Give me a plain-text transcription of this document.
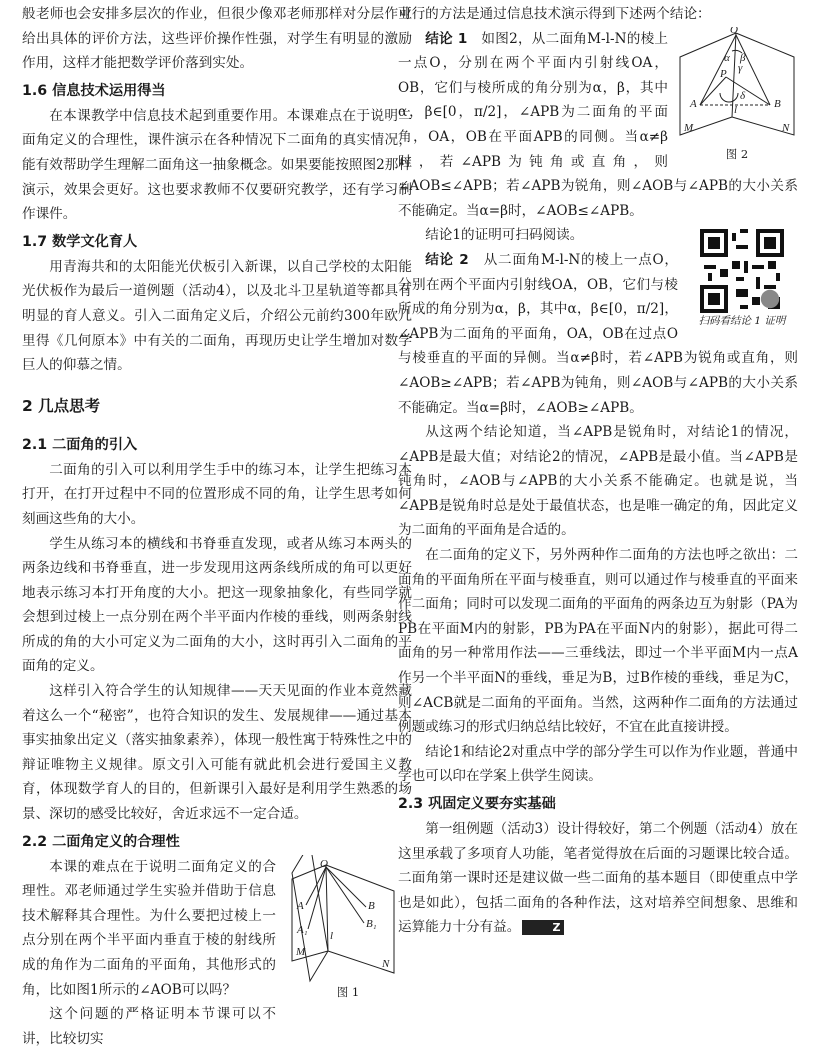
般老师也会安排多层次的作业，但很少像邓老师那样对分层作业给出具体的评价方法，这些评价操作性强，对学生有明显的激励作用，这样才能把数学评价落到实处。

1.6 信息技术运用得当

在本课教学中信息技术起到重要作用。本课难点在于说明二面角定义的合理性，课件演示在各种情况下二面角的真实情况，能有效帮助学生理解二面角这一抽象概念。如果要能按照图2那样演示，效果会更好。这也要求教师不仅要研究教学，还有学习制作课件。

1.7 数学文化育人

用青海共和的太阳能光伏板引入新课，以自己学校的太阳能光伏板作为最后一道例题（活动4），以及北斗卫星轨道等都具有明显的育人意义。引入二面角定义后，介绍公元前约300年欧几里得《几何原本》中有关的二面角，再现历史让学生增加对数学巨人的仰慕之情。

2 几点思考
2.1 二面角的引入

二面角的引入可以利用学生手中的练习本，让学生把练习本打开，在打开过程中不同的位置形成不同的角，让学生思考如何刻画这些角的大小。

学生从练习本的横线和书脊垂直发现，或者从练习本两头的两条边线和书脊垂直，进一步发现用这两条线所成的角可以更好地表示练习本打开角度的大小。把这一现象抽象化，有些同学就会想到过棱上一点分别在两个半平面内作棱的垂线，则两条射线所成的角的大小可定义为二面角的大小，这时再引入二面角的平面角的定义。

这样引入符合学生的认知规律——天天见面的作业本竟然藏着这么一个“秘密”，也符合知识的发生、发展规律——通过基本事实抽象出定义（落实抽象素养），体现一般性寓于特殊性之中的辩证唯物主义规律。原文引入可能有就此机会进行爱国主义教育，体现数学育人的目的，但新课引入最好是利用学生熟悉的场景、深切的感受比较好，舍近求远不一定合适。

2.2 二面角定义的合理性
O
A
A₁
B
B₁
l
M
N
图 1

本课的难点在于说明二面角定义的合理性。邓老师通过学生实验并借助于信息技术解释其合理性。为什么要把过棱上一点分别在两个半平面内垂直于棱的射线所成的角作为二面角的平面角，其他形式的角，比如图1所示的∠AOB可以吗？

这个问题的严格证明本节课可以不讲，比较切实

可行的方法是通过信息技术演示得到下述两个结论：

O
A	B
P
α β
γ
δ
l
M	N
图 2

结论 1　 如图2，从二面角M-l-N的棱上一点O，分别在两个平面内引射线OA，OB，它们与棱所成的角分别为α，β，其中α，β∈[0，π/2]，∠APB为二面角的平面角，OA，OB在平面APB的同侧。当α≠β时，若∠APB为钝角或直角，则∠AOB≤∠APB；若∠APB为锐角，则∠AOB与∠APB的大小关系不能确定。当α=β时，∠AOB≤∠APB。

扫码看结论 1 证明

结论1的证明可扫码阅读。

结论 2　 从二面角M-l-N的棱上一点O，分别在两个平面内引射线OA，OB，它们与棱所成的角分别为α，β，其中α，β∈[0，π/2]，∠APB为二面角的平面角，OA，OB在过点O与棱垂直的平面的异侧。当α≠β时，若∠APB为锐角或直角，则∠AOB≥∠APB；若∠APB为钝角，则∠AOB与∠APB的大小关系不能确定。当α=β时，∠AOB≥∠APB。

从这两个结论知道，当∠APB是锐角时，对结论1的情况，∠APB是最大值；对结论2的情况，∠APB是最小值。当∠APB是钝角时，∠AOB与∠APB的大小关系不能确定。也就是说，当∠APB是锐角时总是处于最值状态，也是唯一确定的角，因此定义为二面角的平面角是合适的。

在二面角的定义下，另外两种作二面角的方法也呼之欲出：二面角的平面角所在平面与棱垂直，则可以通过作与棱垂直的平面来作二面角；同时可以发现二面角的平面角的两条边互为射影（PA为PB在平面M内的射影，PB为PA在平面N内的射影），据此可得二面角的另一种常用作法——三垂线法，即过一个半平面M内一点A作另一个半平面N的垂线，垂足为B，过B作棱的垂线，垂足为C，则∠ACB就是二面角的平面角。当然，这两种作二面角的方法通过例题或练习的形式归纳总结比较好，不宜在此直接讲授。

结论1和结论2对重点中学的部分学生可以作为作业题，普通中学也可以印在学案上供学生阅读。

2.3 巩固定义要夯实基础

第一组例题（活动3）设计得较好，第二个例题（活动4）放在这里承载了多项育人功能，笔者觉得放在后面的习题课比较合适。二面角第一课时还是建议做一些二面角的基本题目（即使重点中学也是如此），包括二面角的各种作法，这对培养空间想象、思维和运算能力十分有益。	Z
